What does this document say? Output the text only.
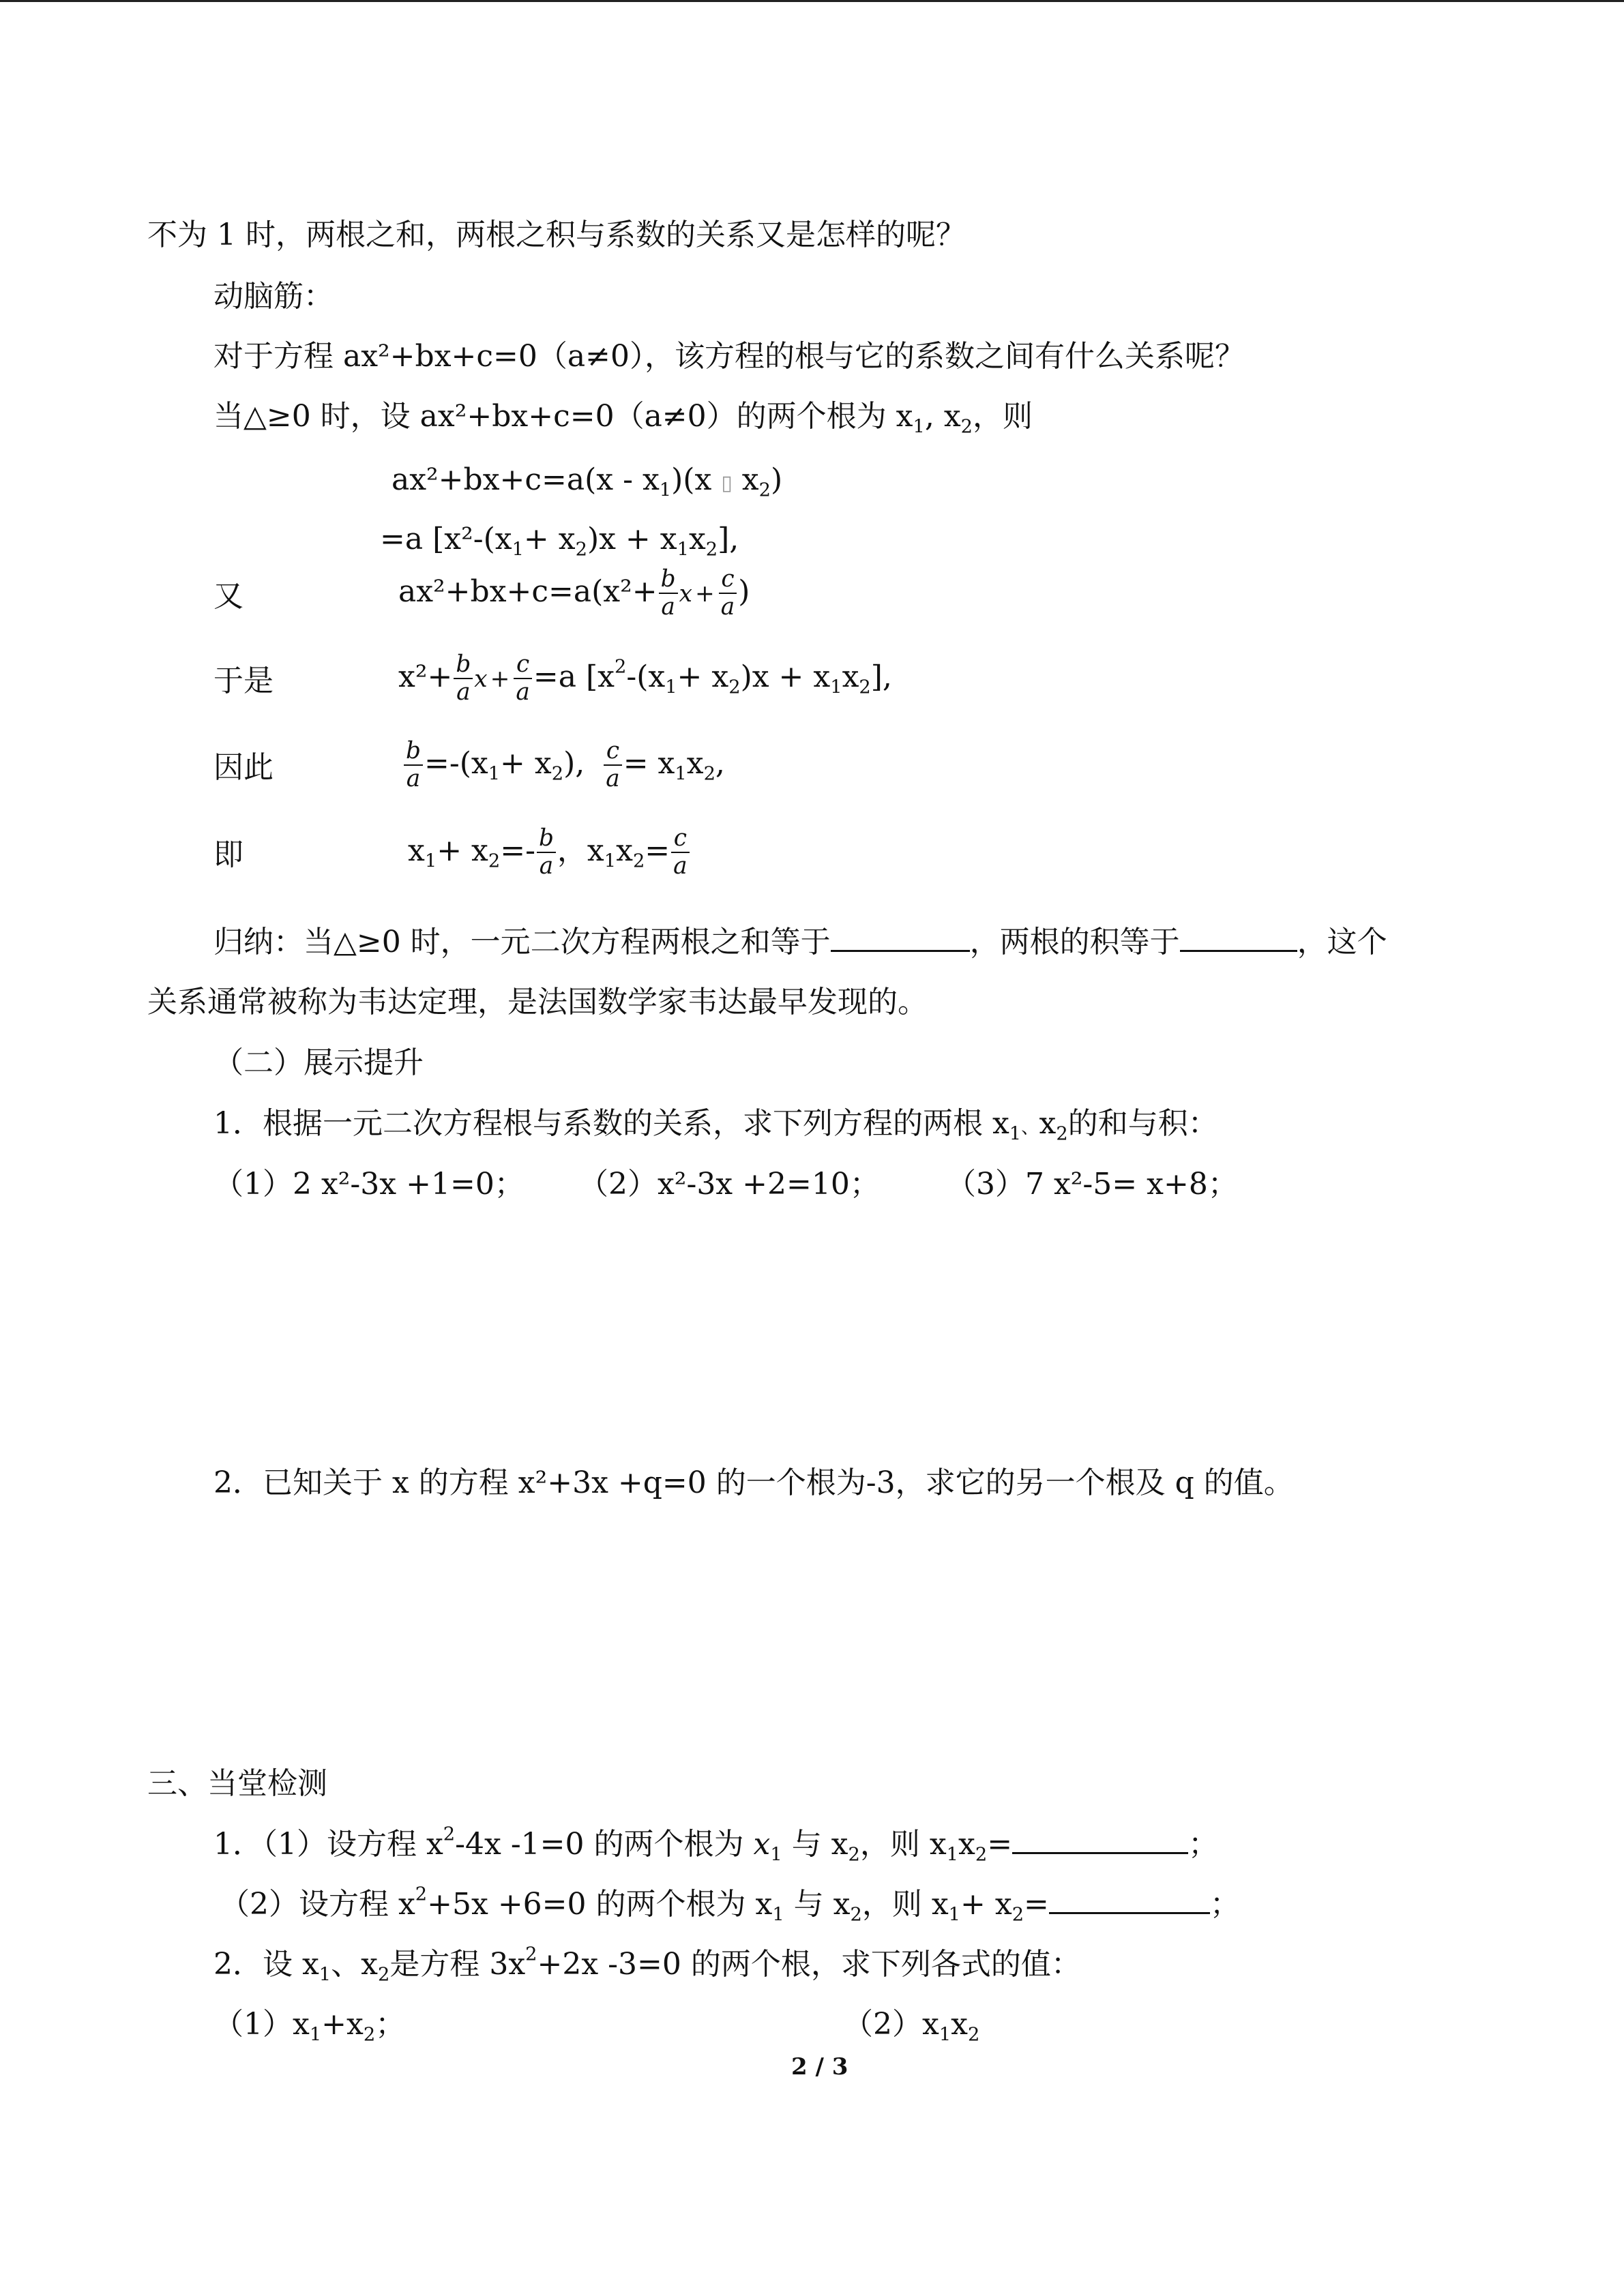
不为 1 时，两根之和，两根之积与系数的关系又是怎样的呢？
动脑筋：
对于方程 ax²+bx+c=0（a≠0），该方程的根与它的系数之间有什么关系呢？
当△≥0 时，设 ax²+bx+c=0（a≠0）的两个根为 $x_1$, $x_2$，则
$ax^2+bx+c=a(x - x_1)(x$ ▯ $x_2$)
=a $[x^2-(x_1+ x_2)x + x_1x_2]$,
又	$ax^2+bx+c=a(x^2+ \frac{b}{a}$ $x + \frac{c}{a}$ )
于是	$x^2+ \frac{b}{a}$ $x + \frac{c}{a} =a$ $[x^2-(x_1+ x_2)x + x_1x_2]$,
因此	$\frac{b}{a} =-(x_1+ x_2)$, $\frac{c}{a} = x_1x_2$,
即	$x_1+ x_2=- \frac{b}{a}$ ，$x_1x_2= \frac{c}{a}$
归纳：当△≥0 时，一元二次方程两根之和等于	，两根的积等于	，这个
关系通常被称为韦达定理，是法国数学家韦达最早发现的。
（二）展示提升
1．根据一元二次方程根与系数的关系，求下列方程的两根 $x_1$、$x_2$的和与积：
（1）2 x²-3x +1=0； （2）x²-3x +2=10； （3）7 x²-5= x+8；
2．已知关于 x 的方程 x²+3x +q=0 的一个根为-3，求它的另一个根及 q 的值。
三、当堂检测
1．（1）设方程 $x^2-4x$ -1=0 的两个根为 $x_1$ 与 $x_2$，则 $x_1x_2=$	；
（2）设方程 $x^2+5x +6=0$ 的两个根为 $x_1$ 与 $x_2$，则 $x_1+ x_2=$	；
2．设 $x_1$、$x_2$是方程 $3x^2+2x$ -3=0 的两个根，求下列各式的值：
$(1)x_1+x_2$；	$(2)x_1x_2$
2 / 3
